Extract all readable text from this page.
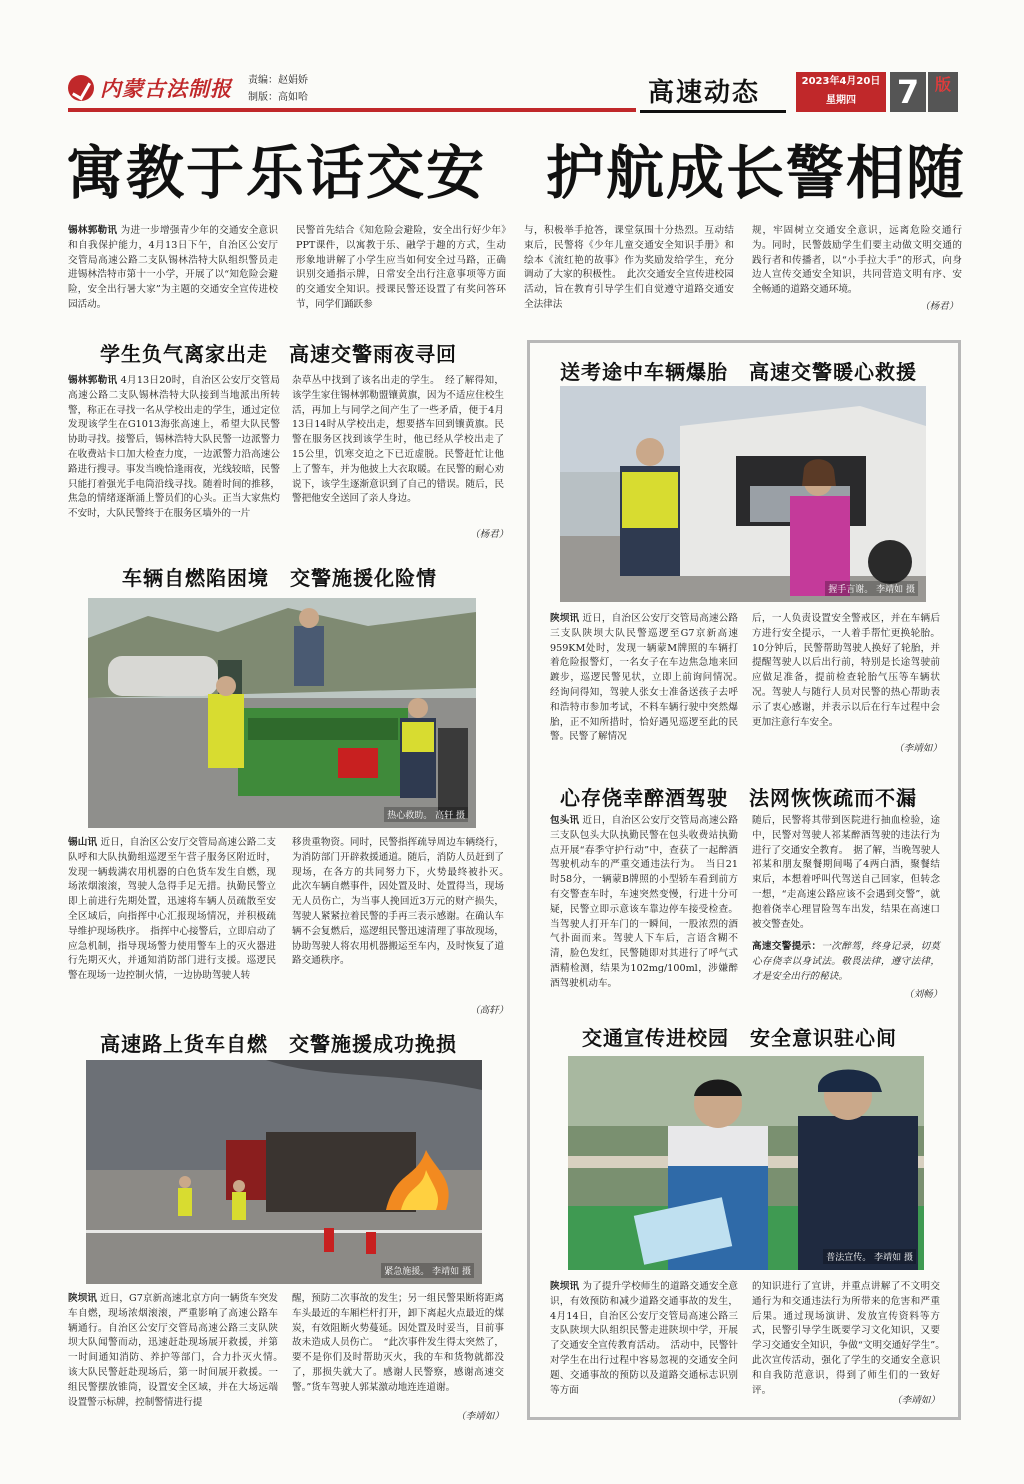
内蒙古法制报 责编：赵娟娇
制版：高如哈	高速动态	2023年4月20日
星期四	7 版
寓教于乐话交安　护航成长警相随
锡林郭勒讯 为进一步增强青少年的交通安全意识和自我保护能力，4月13日下午，自治区公安厅交管局高速公路二支队锡林浩特大队组织警员走进锡林浩特市第十一小学，开展了以“知危险会避险，安全出行暑大家”为主题的交通安全宣传进校园活动。
民警首先结合《知危险会避险，安全出行好少年》PPT课件，以寓教于乐、融学于趣的方式，生动形象地讲解了小学生应当如何安全过马路，正确识别交通指示牌，日常安全出行注意事项等方面的交通安全知识。授课民警还设置了有奖问答环节，同学们踊跃参
与，积极举手抢答，课堂氛围十分热烈。互动结束后，民警将《少年儿童交通安全知识手册》和绘本《流红艳的故事》作为奖励发给学生，充分调动了大家的积极性。　此次交通安全宣传进校园活动，旨在教育引导学生们自觉遵守道路交通安全法律法
规，牢固树立交通安全意识，远离危险交通行为。同时，民警鼓励学生们要主动做文明交通的践行者和传播者，以“小手拉大手”的形式，向身边人宣传交通安全知识，共同营造文明有序、安全畅通的道路交通环境。
（杨君）
学生负气离家出走　高速交警雨夜寻回
锡林郭勒讯 4月13日20时，自治区公安厅交管局高速公路二支队锡林浩特大队接到当地派出所转警，称正在寻找一名从学校出走的学生，通过定位发现该学生在G1013海张高速上，希望大队民警协助寻找。接警后，锡林浩特大队民警一边派警力在收费站卡口加大检查力度，一边派警力沿高速公路进行搜寻。事发当晚恰逢雨夜，光线较暗，民警只能打着强光手电筒沿线寻找。随着时间的推移，焦急的情绪逐渐涌上警员们的心头。正当大家焦灼不安时，大队民警终于在服务区墙外的一片
杂草丛中找到了该名出走的学生。　经了解得知，该学生家住锡林郭勒盟镶黄旗，因为不适应住校生活，再加上与同学之间产生了一些矛盾，便于4月13日14时从学校出走，想要搭车回到镶黄旗。民警在服务区找到该学生时，他已经从学校出走了15公里，饥寒交迫之下已近虚脱。民警赶忙让他上了警车，并为他披上大衣取暖。在民警的耐心劝说下，该学生逐渐意识到了自己的错误。随后，民警把他安全送回了亲人身边。
（杨君）
车辆自燃陷困境　交警施援化险情
热心救助。 高轩 摄
锡山讯 近日，自治区公安厅交管局高速公路二支队呼和大队执勤组巡逻至午营子服务区附近时，发现一辆载满农用机器的白色货车发生自燃，现场浓烟滚滚，驾驶人急得手足无措。执勤民警立即上前进行先期处置，迅速将车辆人员疏散至安全区域后，向指挥中心汇报现场情况，并积极疏导维护现场秩序。　指挥中心接警后，立即启动了应急机制，指导现场警力使用警车上的灭火器进行先期灭火，并通知消防部门进行支援。巡逻民警在现场一边控制火情，一边协助驾驶人转
移贵重物资。同时，民警指挥疏导周边车辆绕行，为消防部门开辟救援通道。随后，消防人员赶到了现场，在各方的共同努力下，火势最终被扑灭。　此次车辆自燃事件，因处置及时、处置得当，现场无人员伤亡，为当事人挽回近3万元的财产损失，驾驶人紧紧拉着民警的手再三表示感谢。在确认车辆不会复燃后，巡逻组民警迅速清理了事故现场，协助驾驶人将农用机器搬运至车内，及时恢复了道路交通秩序。
（高轩）
高速路上货车自燃　交警施援成功挽损
紧急施援。 李靖如 摄
陕坝讯 近日，G7京新高速北京方向一辆货车突发车自燃，现场浓烟滚滚，严重影响了高速公路车辆通行。自治区公安厅交管局高速公路三支队陕坝大队闻警而动，迅速赶赴现场展开救援，并第一时间通知消防、养护等部门，合力扑灭火情。　该大队民警赶赴现场后，第一时间展开救援。一组民警摆放锥筒，设置安全区域，并在大场远端设置警示标牌，控制警情进行提
醒，预防二次事故的发生；另一组民警果断将距离车头最近的车厢栏杆打开，卸下离起火点最近的煤炭，有效阻断火势蔓延。因处置及时妥当，目前事故未造成人员伤亡。　“此次事件发生得太突然了，要不是你们及时帮助灭火，我的车和货物就都没了，那损失就大了。感谢人民警察，感谢高速交警。”货车驾驶人郭某激动地连连道谢。
（李靖如）
送考途中车辆爆胎　高速交警暖心救援
握手言谢。 李靖如 摄
陕坝讯 近日，自治区公安厅交管局高速公路三支队陕坝大队民警巡逻至G7京新高速959KM处时，发现一辆蒙M牌照的车辆打着危险报警灯，一名女子在车边焦急地来回踱步，巡逻民警见状，立即上前询问情况。　经询问得知，驾驶人张女士准备送孩子去呼和浩特市参加考试，不料车辆行驶中突然爆胎，正不知所措时，恰好遇见巡逻至此的民警。民警了解情况
后，一人负责设置安全警戒区，并在车辆后方进行安全提示，一人着手帮忙更换轮胎。10分钟后，民警帮助驾驶人换好了轮胎，并提醒驾驶人以后出行前，特别是长途驾驶前应做足准备，提前检查轮胎气压等车辆状况。驾驶人与随行人员对民警的热心帮助表示了衷心感谢，并表示以后在行车过程中会更加注意行车安全。
（李靖如）
心存侥幸醉酒驾驶　法网恢恢疏而不漏
包头讯 近日，自治区公安厅交管局高速公路三支队包头大队执勤民警在包头收费站执勤点开展“春季守护行动”中，查获了一起醉酒驾驶机动车的严重交通违法行为。　当日21时58分，一辆蒙B牌照的小型轿车看到前方有交警查车时，车速突然变慢，行进十分可疑，民警立即示意该车靠边停车接受检查。当驾驶人打开车门的一瞬间，一股浓烈的酒气扑面而来。驾驶人下车后，言语含糊不清，脸色发红，民警随即对其进行了呼气式酒精检测，结果为102mg/100ml，涉嫌醉酒驾驶机动车。
随后，民警将其带到医院进行抽血检验，途中，民警对驾驶人祁某醉酒驾驶的违法行为进行了交通安全教育。　据了解，当晚驾驶人祁某和朋友聚餐期间喝了4两白酒，聚餐结束后，本想着呼叫代驾送自己回家，但转念一想，“走高速公路应该不会遇到交警”，就抱着侥幸心理冒险驾车出发，结果在高速口被交警查处。
高速交警提示：一次醉驾，终身记录，切莫心存侥幸以身试法。敬畏法律，遵守法律，才是安全出行的秘诀。
（刘畅）
交通宣传进校园　安全意识驻心间
普法宣传。 李靖如 摄
陕坝讯 为了提升学校师生的道路交通安全意识，有效预防和减少道路交通事故的发生，4月14日，自治区公安厅交管局高速公路三支队陕坝大队组织民警走进陕坝中学，开展了交通安全宣传教育活动。　活动中，民警针对学生在出行过程中容易忽视的交通安全问题、交通事故的预防以及道路交通标志识别等方面
的知识进行了宣讲，并重点讲解了不文明交通行为和交通违法行为所带来的危害和严重后果。通过现场演讲、发放宣传资料等方式，民警引导学生既要学习文化知识，又要学习交通安全知识，争做“文明交通好学生”。　此次宣传活动，强化了学生的交通安全意识和自我防范意识，得到了师生们的一致好评。
（李靖如）
